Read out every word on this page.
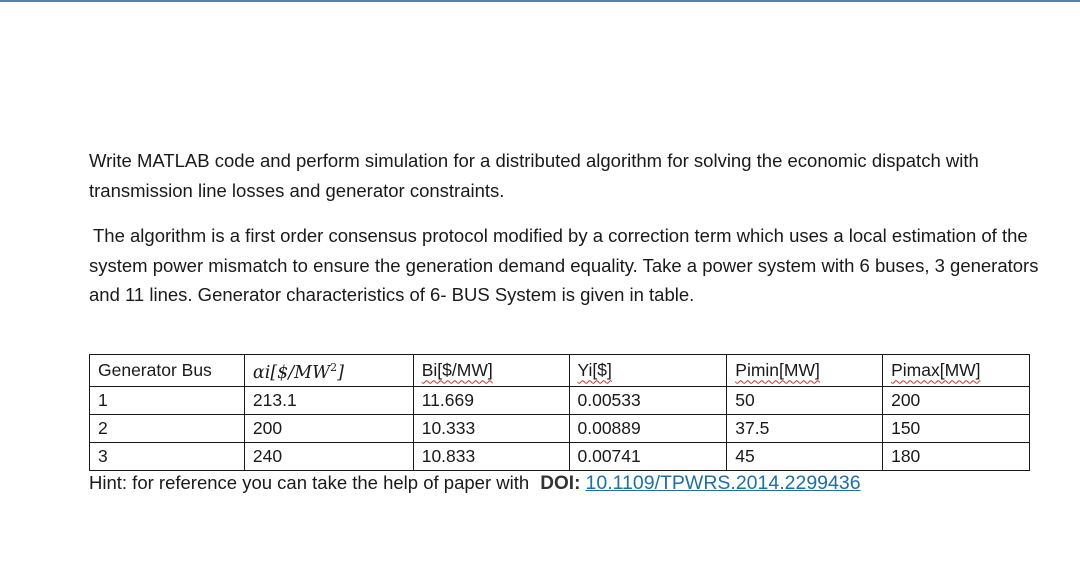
Write MATLAB code and perform simulation for a distributed algorithm for solving the economic dispatch with transmission line losses and generator constraints.

The algorithm is a first order consensus protocol modified by a correction term which uses a local estimation of the system power mismatch to ensure the generation demand equality. Take a power system with 6 buses, 3 generators and 11 lines. Generator characteristics of 6- BUS System is given in table.

Generator Bus	$\alpha i[\$/MW^2]$	Bi[$/MW]	Yi[$]	Pimin[MW]	Pimax[MW]
1	213.1	11.669	0.00533	50	200
2	200	10.333	0.00889	37.5	150
3	240	10.833	0.00741	45	180
Hint: for reference you can take the help of paper with DOI: 10.1109/TPWRS.2014.2299436
